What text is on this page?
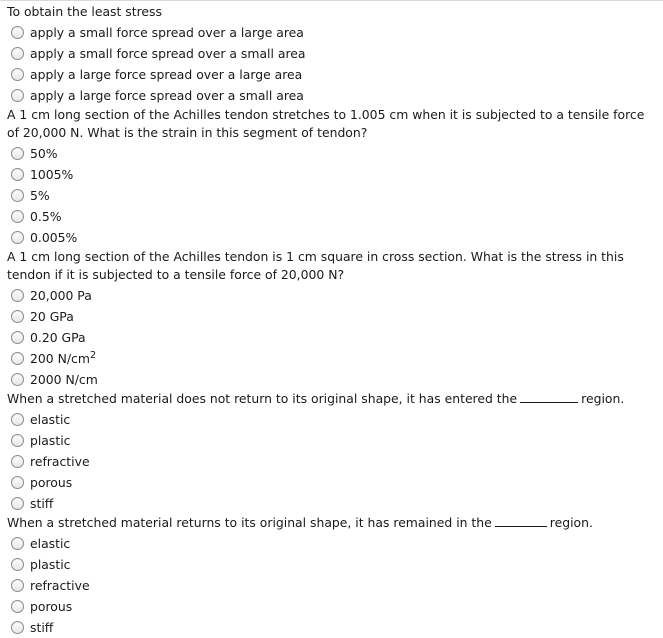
To obtain the least stress
apply a small force spread over a large area
apply a small force spread over a small area
apply a large force spread over a large area
apply a large force spread over a small area
A 1 cm long section of the Achilles tendon stretches to 1.005 cm when it is subjected to a tensile force of 20,000 N. What is the strain in this segment of tendon?
50%
1005%
5%
0.5%
0.005%
A 1 cm long section of the Achilles tendon is 1 cm square in cross section. What is the stress in this tendon if it is subjected to a tensile force of 20,000 N?
20,000 Pa
20 GPa
0.20 GPa
200 $N/cm^2$
2000 N/cm
When a stretched material does not return to its original shape, it has entered the	region.
elastic
plastic
refractive
porous
stiff
When a stretched material returns to its original shape, it has remained in the	region.
elastic
plastic
refractive
porous
stiff
